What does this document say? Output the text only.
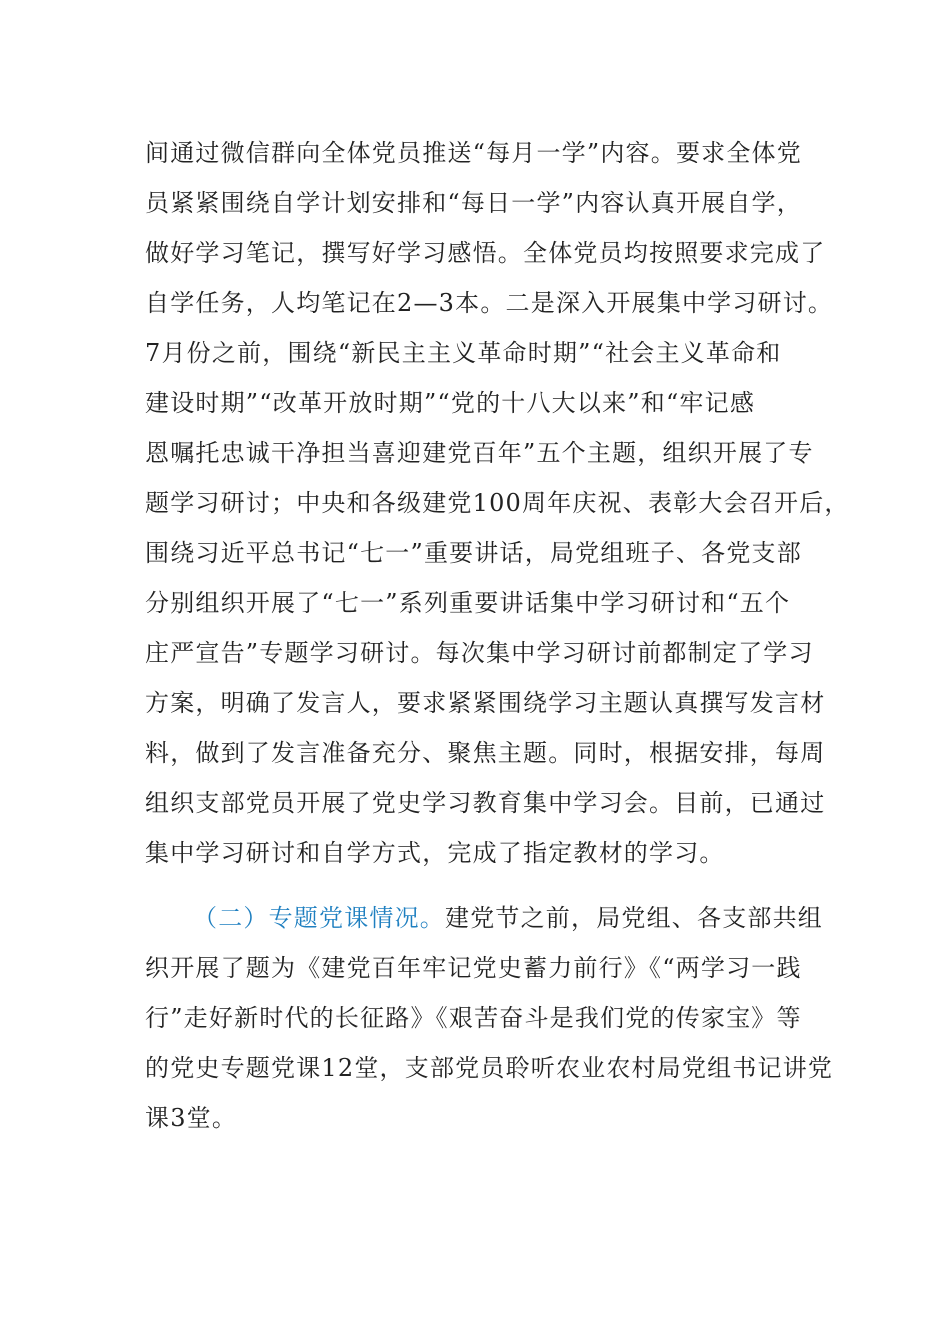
间通过微信群向全体党员推送“每月一学”内容。要求全体党
员紧紧围绕自学计划安排和“每日一学”内容认真开展自学，
做好学习笔记，撰写好学习感悟。全体党员均按照要求完成了
自学任务，人均笔记在2—3本。二是深入开展集中学习研讨。
7月份之前，围绕“新民主主义革命时期”“社会主义革命和
建设时期”“改革开放时期”“党的十八大以来”和“牢记感
恩嘱托忠诚干净担当喜迎建党百年”五个主题，组织开展了专
题学习研讨；中央和各级建党100周年庆祝、表彰大会召开后，
围绕习近平总书记“七一”重要讲话，局党组班子、各党支部
分别组织开展了“七一”系列重要讲话集中学习研讨和“五个
庄严宣告”专题学习研讨。每次集中学习研讨前都制定了学习
方案，明确了发言人，要求紧紧围绕学习主题认真撰写发言材
料，做到了发言准备充分、聚焦主题。同时，根据安排，每周
组织支部党员开展了党史学习教育集中学习会。目前，已通过
集中学习研讨和自学方式，完成了指定教材的学习。
（二）专题党课情况。建党节之前，局党组、各支部共组
织开展了题为《建党百年牢记党史蓄力前行》《“两学习一践
行”走好新时代的长征路》《艰苦奋斗是我们党的传家宝》等
的党史专题党课12堂，支部党员聆听农业农村局党组书记讲党
课3堂。
